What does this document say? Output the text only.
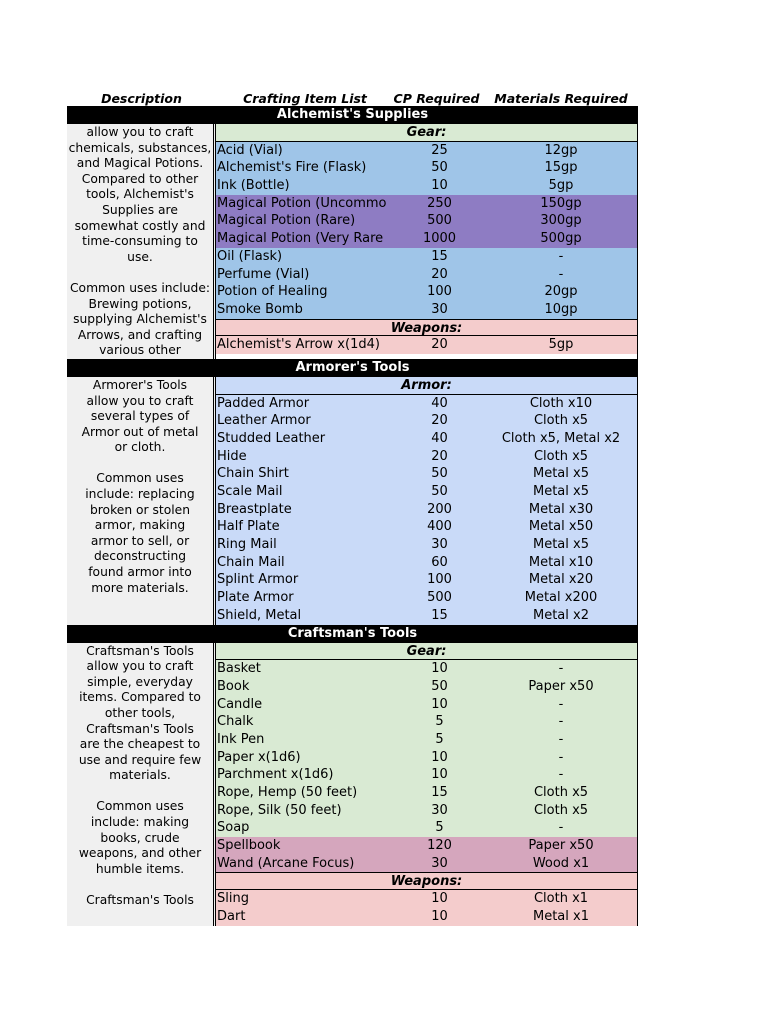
Description	Crafting Item List	CP Required	Materials Required
Alchemist's Supplies
allow you to craft
chemicals, substances,
and Magical Potions.
Compared to other
tools, Alchemist's
Supplies are
somewhat costly and
time-consuming to
use.

Common uses include:
Brewing potions,
supplying Alchemist's
Arrows, and crafting
various other
Gear:
Acid (Vial)	25	12gp
Alchemist's Fire (Flask)	50	15gp
Ink (Bottle)	10	5gp
Magical Potion (Uncommo	250	150gp
Magical Potion (Rare)	500	300gp
Magical Potion (Very Rare	1000	500gp
Oil (Flask)	15	-
Perfume (Vial)	20	-
Potion of Healing	100	20gp
Smoke Bomb	30	10gp
Weapons:
Alchemist's Arrow x(1d4)	20	5gp
Armorer's Tools
Armorer's Tools
allow you to craft
several types of
Armor out of metal
or cloth.

Common uses
include: replacing
broken or stolen
armor, making
armor to sell, or
deconstructing
found armor into
more materials.
Armor:
Padded Armor	40	Cloth x10
Leather Armor	20	Cloth x5
Studded Leather	40	Cloth x5, Metal x2
Hide	20	Cloth x5
Chain Shirt	50	Metal x5
Scale Mail	50	Metal x5
Breastplate	200	Metal x30
Half Plate	400	Metal x50
Ring Mail	30	Metal x5
Chain Mail	60	Metal x10
Splint Armor	100	Metal x20
Plate Armor	500	Metal x200
Shield, Metal	15	Metal x2
Craftsman's Tools
Craftsman's Tools
allow you to craft
simple, everyday
items. Compared to
other tools,
Craftsman's Tools
are the cheapest to
use and require few
materials.

Common uses
include: making
books, crude
weapons, and other
humble items.

Craftsman's Tools
Gear:
Basket	10	-
Book	50	Paper x50
Candle	10	-
Chalk	5	-
Ink Pen	5	-
Paper x(1d6)	10	-
Parchment x(1d6)	10	-
Rope, Hemp (50 feet)	15	Cloth x5
Rope, Silk (50 feet)	30	Cloth x5
Soap	5	-
Spellbook	120	Paper x50
Wand (Arcane Focus)	30	Wood x1
Weapons:
Sling	10	Cloth x1
Dart	10	Metal x1
